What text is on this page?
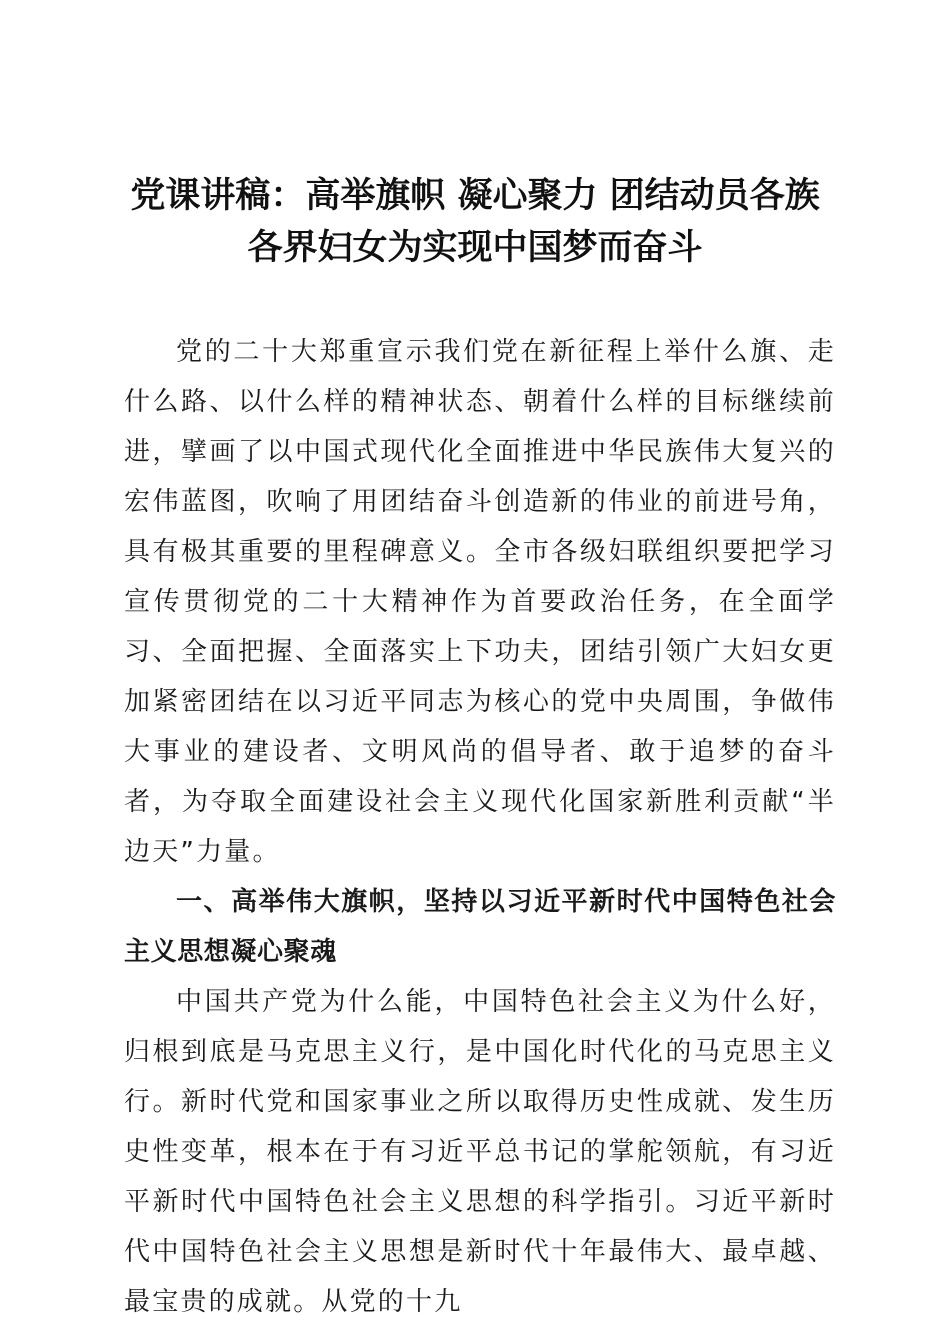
党课讲稿：高举旗帜 凝心聚力 团结动员各族
各界妇女为实现中国梦而奋斗

党的二十大郑重宣示我们党在新征程上举什么旗、走什么路、以什么样的精神状态、朝着什么样的目标继续前进，擘画了以中国式现代化全面推进中华民族伟大复兴的宏伟蓝图，吹响了用团结奋斗创造新的伟业的前进号角，具有极其重要的里程碑意义。全市各级妇联组织要把学习宣传贯彻党的二十大精神作为首要政治任务，在全面学习、全面把握、全面落实上下功夫，团结引领广大妇女更加紧密团结在以习近平同志为核心的党中央周围，争做伟大事业的建设者、文明风尚的倡导者、敢于追梦的奋斗者，为夺取全面建设社会主义现代化国家新胜利贡献“半边天”力量。

一、高举伟大旗帜，坚持以习近平新时代中国特色社会主义思想凝心聚魂

中国共产党为什么能，中国特色社会主义为什么好，归根到底是马克思主义行，是中国化时代化的马克思主义行。新时代党和国家事业之所以取得历史性成就、发生历史性变革，根本在于有习近平总书记的掌舵领航，有习近平新时代中国特色社会主义思想的科学指引。习近平新时代中国特色社会主义思想是新时代十年最伟大、最卓越、最宝贵的成就。从党的十九
